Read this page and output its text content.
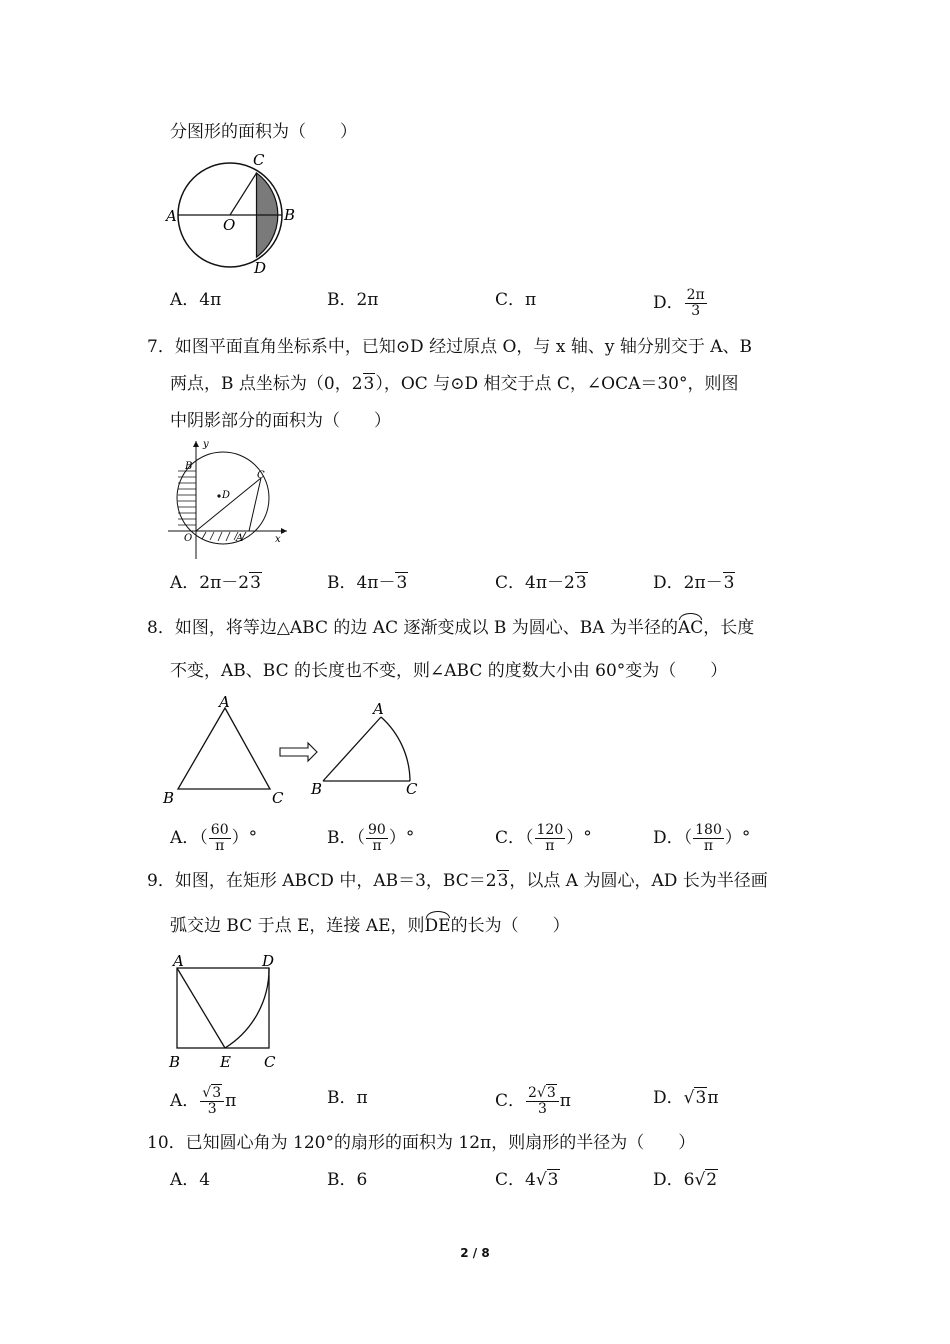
分图形的面积为（　　）
A	B
C
D
O
A．4π	B．2π	C．π	D． $\frac{2\pi}{3}$
7．如图平面直角坐标系中，已知⊙D 经过原点 O，与 x 轴、y 轴分别交于 A、B
两点，B 点坐标为（0，23），OC 与⊙D 相交于点 C，∠OCA＝30°，则图
中阴影部分的面积为（　　）
y
x
B
C
D
O	A
A．2π－23	B．4π－3	C．4π－23	D．2π－3
8．如图，将等边△ABC 的边 AC 逐渐变成以 B 为圆心、BA 为半径的AC，长度
不变，AB、BC 的长度也不变，则∠ABC 的度数大小由 60°变为（　　）
A
B	C
A
B	C
A．（ $\frac{60}{\pi}$ ）°	B．（ $\frac{90}{\pi}$ ）°	C．（ $\frac{120}{\pi}$ ）°	D．（ $\frac{180}{\pi}$ ）°
9．如图，在矩形 ABCD 中，AB＝3，BC＝23，以点 A 为圆心，AD 长为半径画
弧交边 BC 于点 E，连接 AE，则DE的长为（　　）
A	D
B	E C
A． $\frac{√3}{3}$ π	B．π	C． $\frac{2√3}{3}$ π	D．√3π
10．已知圆心角为 120°的扇形的面积为 12π，则扇形的半径为（　　）
A．4	B．6	C．4√3	D．6√2
2 / 8
